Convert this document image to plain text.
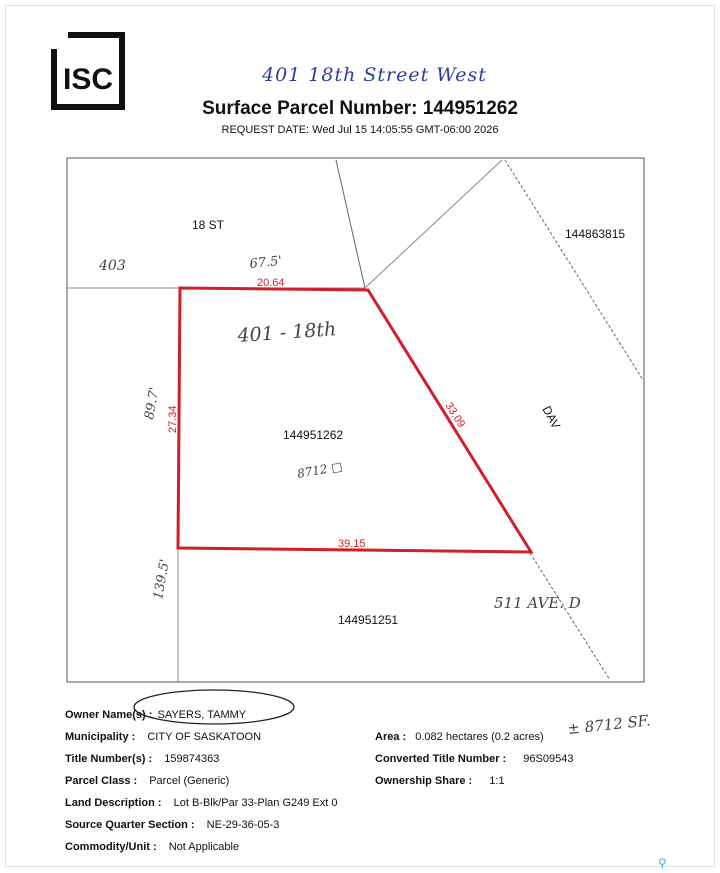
ISC	401 18th Street West
Surface Parcel Number: 144951262
REQUEST DATE: Wed Jul 15 14:05:55 GMT-06:00 2026
18 ST
144863815
DAV
144951262
144951251
20.64
27.34	33.09
39.15
403	67.5'
401 - 18th
8712 □
89.7'
139.5'
511 AVE. D
± 8712 SF.
Owner Name(s) : SAYERS, TAMMY
Municipality : CITY OF SASKATOON
Title Number(s) : 159874363
Parcel Class : Parcel (Generic)
Land Description : Lot B-Blk/Par 33-Plan G249 Ext 0
Source Quarter Section : NE-29-36-05-3
Commodity/Unit : Not Applicable
Area : 0.082 hectares (0.2 acres)
Converted Title Number : 96S09543
Ownership Share : 1:1
⚲
